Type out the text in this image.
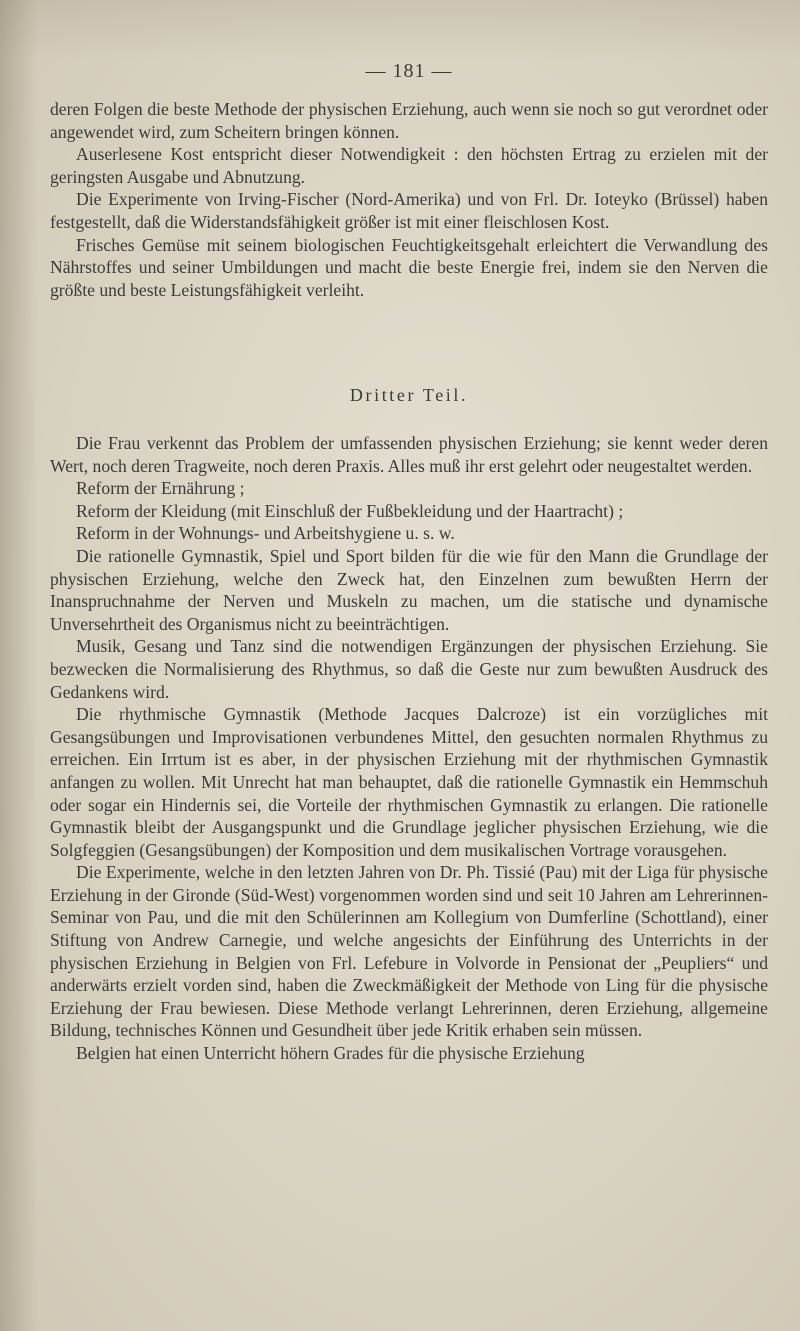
— 181 —

deren Folgen die beste Methode der physischen Erziehung, auch wenn sie noch so gut verordnet oder angewendet wird, zum Scheitern bringen können.

Auserlesene Kost entspricht dieser Notwendigkeit : den höchsten Ertrag zu erzielen mit der geringsten Ausgabe und Abnutzung.

Die Experimente von Irving-Fischer (Nord-Amerika) und von Frl. Dr. Ioteyko (Brüssel) haben festgestellt, daß die Widerstandsfähigkeit größer ist mit einer fleischlosen Kost.

Frisches Gemüse mit seinem biologischen Feuchtigkeitsgehalt erleichtert die Verwandlung des Nährstoffes und seiner Umbildungen und macht die beste Energie frei, indem sie den Nerven die größte und beste Leistungsfähigkeit verleiht.

Dritter Teil.

Die Frau verkennt das Problem der umfassenden physischen Erziehung; sie kennt weder deren Wert, noch deren Tragweite, noch deren Praxis. Alles muß ihr erst gelehrt oder neugestaltet werden.

Reform der Ernährung ;

Reform der Kleidung (mit Einschluß der Fußbekleidung und der Haartracht) ;

Reform in der Wohnungs- und Arbeitshygiene u. s. w.

Die rationelle Gymnastik, Spiel und Sport bilden für die wie für den Mann die Grundlage der physischen Erziehung, welche den Zweck hat, den Einzelnen zum bewußten Herrn der Inanspruchnahme der Nerven und Muskeln zu machen, um die statische und dynamische Unversehrtheit des Organismus nicht zu beeinträchtigen.

Musik, Gesang und Tanz sind die notwendigen Ergänzungen der physischen Erziehung. Sie bezwecken die Normalisierung des Rhythmus, so daß die Geste nur zum bewußten Ausdruck des Gedankens wird.

Die rhythmische Gymnastik (Methode Jacques Dalcroze) ist ein vorzügliches mit Gesangsübungen und Improvisationen verbundenes Mittel, den gesuchten normalen Rhythmus zu erreichen. Ein Irrtum ist es aber, in der physischen Erziehung mit der rhythmischen Gymnastik anfangen zu wollen. Mit Unrecht hat man behauptet, daß die rationelle Gymnastik ein Hemmschuh oder sogar ein Hindernis sei, die Vorteile der rhythmischen Gymnastik zu erlangen. Die rationelle Gymnastik bleibt der Ausgangspunkt und die Grundlage jeglicher physischen Erziehung, wie die Solgfeggien (Gesangsübungen) der Komposition und dem musikalischen Vortrage vorausgehen.

Die Experimente, welche in den letzten Jahren von Dr. Ph. Tissié (Pau) mit der Liga für physische Erziehung in der Gironde (Süd-West) vorgenommen worden sind und seit 10 Jahren am Lehrerinnen-Seminar von Pau, und die mit den Schülerinnen am Kollegium von Dumferline (Schottland), einer Stiftung von Andrew Carnegie, und welche angesichts der Einführung des Unterrichts in der physischen Erziehung in Belgien von Frl. Lefebure in Volvorde in Pensionat der „Peupliers“ und anderwärts erzielt vorden sind, haben die Zweckmäßigkeit der Methode von Ling für die physische Erziehung der Frau bewiesen. Diese Methode verlangt Lehrerinnen, deren Erziehung, allgemeine Bildung, technisches Können und Gesundheit über jede Kritik erhaben sein müssen.

Belgien hat einen Unterricht höhern Grades für die physische Erziehung
